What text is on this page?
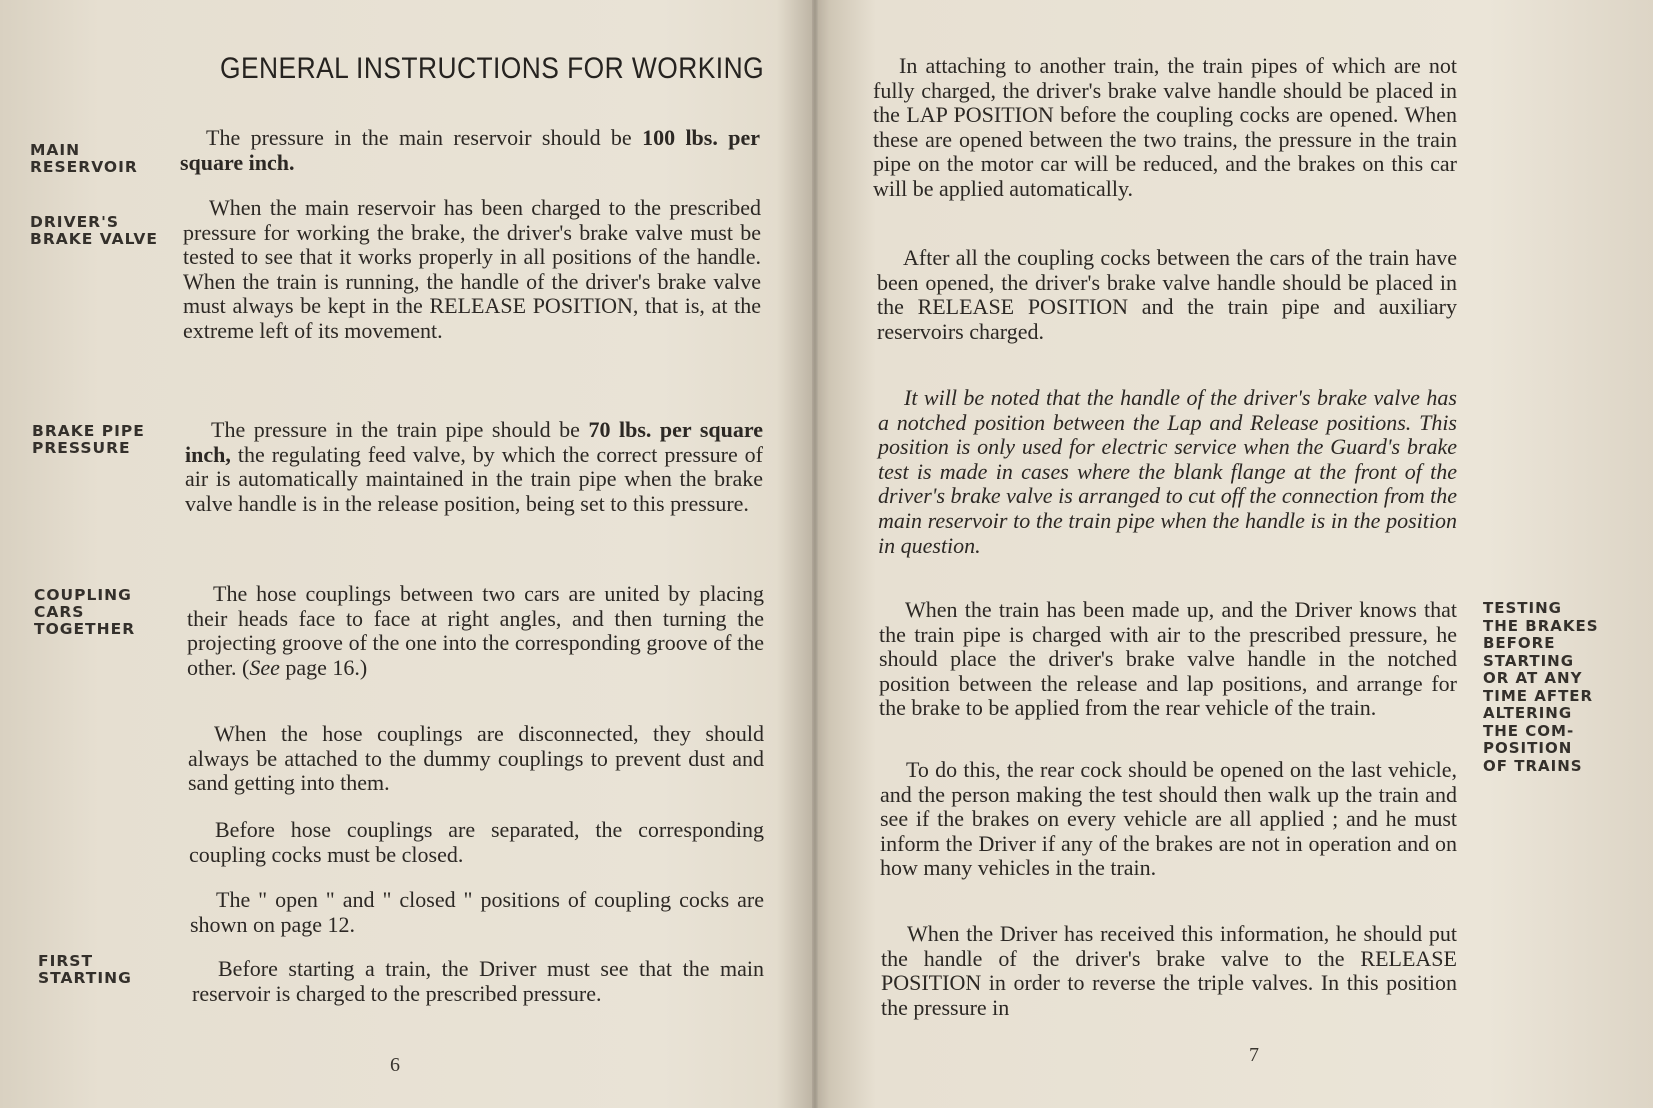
GENERAL INSTRUCTIONS FOR WORKING
MAIN
RESERVOIR
The pressure in the main reservoir should be 100 lbs. per square inch.
DRIVER'S
BRAKE VALVE
When the main reservoir has been charged to the prescribed pressure for working the brake, the driver's brake valve must be tested to see that it works properly in all positions of the handle. When the train is running, the handle of the driver's brake valve must always be kept in the RELEASE POSITION, that is, at the extreme left of its movement.
BRAKE PIPE
PRESSURE
The pressure in the train pipe should be 70 lbs. per square inch, the regulating feed valve, by which the correct pressure of air is automatically maintained in the train pipe when the brake valve handle is in the release position, being set to this pressure.
COUPLING
CARS
TOGETHER
The hose couplings between two cars are united by placing their heads face to face at right angles, and then turning the projecting groove of the one into the corresponding groove of the other. (See page 16.)
When the hose couplings are disconnected, they should always be attached to the dummy couplings to prevent dust and sand getting into them.
Before hose couplings are separated, the corresponding coupling cocks must be closed.
The " open " and " closed " positions of coupling cocks are shown on page 12.
FIRST
STARTING	Before starting a train, the Driver must see that the main reservoir is charged to the prescribed pressure.
6
In attaching to another train, the train pipes of which are not fully charged, the driver's brake valve handle should be placed in the LAP POSITION before the coupling cocks are opened. When these are opened between the two trains, the pressure in the train pipe on the motor car will be reduced, and the brakes on this car will be applied automatically.
After all the coupling cocks between the cars of the train have been opened, the driver's brake valve handle should be placed in the RELEASE POSITION and the train pipe and auxiliary reservoirs charged.
It will be noted that the handle of the driver's brake valve has a notched position between the Lap and Release positions. This position is only used for electric service when the Guard's brake test is made in cases where the blank flange at the front of the driver's brake valve is arranged to cut off the connection from the main reservoir to the train pipe when the handle is in the position in question.
When the train has been made up, and the Driver knows that the train pipe is charged with air to the prescribed pressure, he should place the driver's brake valve handle in the notched position between the release and lap positions, and arrange for the brake to be applied from the rear vehicle of the train.
TESTING
THE BRAKES
BEFORE
STARTING
OR AT ANY
TIME AFTER
ALTERING
THE COM-
POSITION
OF TRAINS
To do this, the rear cock should be opened on the last vehicle, and the person making the test should then walk up the train and see if the brakes on every vehicle are all applied ; and he must inform the Driver if any of the brakes are not in operation and on how many vehicles in the train.
When the Driver has received this information, he should put the handle of the driver's brake valve to the RELEASE POSITION in order to reverse the triple valves. In this position the pressure in
7
